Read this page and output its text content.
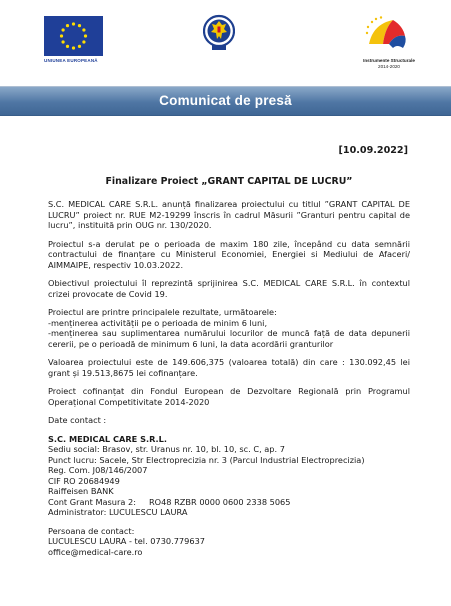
UNIUNEA EUROPEANĂ	Instrumente Structurale
2014-2020
Comunicat de presă
[10.09.2022]
Finalizare Proiect „GRANT CAPITAL DE LUCRU”

S.C. MEDICAL CARE S.R.L. anunță finalizarea proiectului cu titlul ”GRANT CAPITAL DE LUCRU” proiect nr. RUE M2-19299 înscris în cadrul Măsurii ”Granturi pentru capital de lucru”, instituită prin OUG nr. 130/2020.

Proiectul s-a derulat pe o perioada de maxim 180 zile, începând cu data semnării contractului de finanțare cu Ministerul Economiei, Energiei si Mediului de Afaceri/ AIMMAIPE, respectiv 10.03.2022.

Obiectivul proiectului îl reprezintă sprijinirea S.C. MEDICAL CARE S.R.L. în contextul crizei provocate de Covid 19.

Proiectul are printre principalele rezultate, următoarele:

-menținerea activității pe o perioada de minim 6 luni,

-menținerea sau suplimentarea numărului locurilor de muncă față de data depunerii cererii, pe o perioadă de minimum 6 luni, la data acordării granturilor

Valoarea proiectului este de 149.606,375 (valoarea totală) din care : 130.092,45 lei grant și 19.513,8675 lei cofinanțare.

Proiect cofinanțat din Fondul European de Dezvoltare Regională prin Programul Operațional Competitivitate 2014-2020

Date contact :

S.C. MEDICAL CARE S.R.L.

Sediu social: Brasov, str. Uranus nr. 10, bl. 10, sc. C, ap. 7

Punct lucru: Sacele, Str Electroprecizia nr. 3 (Parcul Industrial Electroprecizia)

Reg. Com. J08/146/2007

CIF RO 20684949

Raiffeisen BANK

Cont Grant Masura 2:     RO48 RZBR 0000 0600 2338 5065

Administrator: LUCULESCU LAURA

Persoana de contact:

LUCULESCU LAURA - tel. 0730.779637

office@medical-care.ro
